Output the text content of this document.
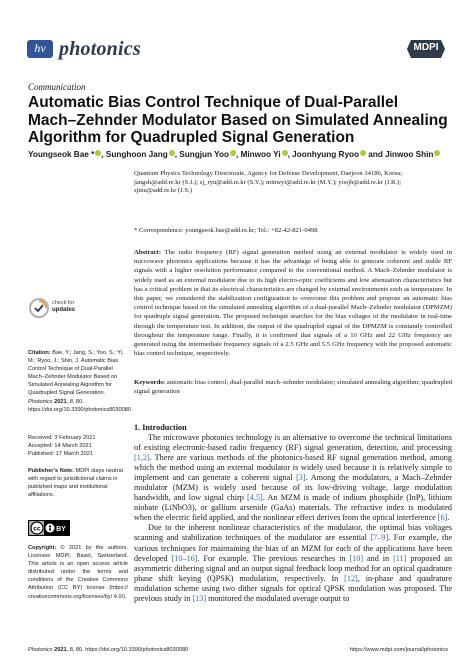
hv photonics	MDPI
Communication
Automatic Bias Control Technique of Dual-Parallel Mach–Zehnder Modulator Based on Simulated Annealing Algorithm for Quadrupled Signal Generation
Youngseok Bae * , Sunghoon Jang , Sungjun Yoo , Minwoo Yi , Joonhyung Ryoo and Jinwoo Shin
Quantum Physics Technology Directorate, Agency for Defense Development, Daejeon 34186, Korea;
jangsh@add.re.kr (S.J.); sj_ryu@add.re.kr (S.Y.); minwyi@add.re.kr (M.Y.); yoojh@add.re.kr (J.R.);
sjinu@add.re.kr (J.S.)
* Correspondence: youngseok.bae@add.re.kr; Tel.: +82-42-821-0498
Abstract: The radio frequency (RF) signal generation method using an external modulator is widely used in microwave photonics applications because it has the advantage of being able to generate coherent and stable RF signals with a higher resolution performance compared to the conventional method. A Mach–Zehnder modulator is widely used as an external modulator due to its high electro-optic coefficients and low attenuation characteristics but has a critical problem in that its electrical characteristics are changed by external environments such as temperature. In this paper, we considered the stabilization configuration to overcome this problem and propose an automatic bias control technique based on the simulated annealing algorithm of a dual-parallel Mach–Zehnder modulator (DPMZM) for quadruple signal generation. The proposed technique searches for the bias voltages of the modulator in real-time through the temperature test. In addition, the output of the quadrupled signal of the DPMZM is constantly controlled throughout the temperature range. Finally, it is confirmed that signals of a 10 GHz and 22 GHz frequency are generated using the intermediate frequency signals of a 2.5 GHz and 5.5 GHz frequency with the proposed automatic bias control technique, respectively.
Keywords: automatic bias control; dual-parallel mach–zehnder modulator; simulated annealing algorithm; quadrupled signal generation
check for
updates
Citation: Bae, Y.; Jang, S.; Yoo, S.; Yi, M.; Ryoo, J.; Shin, J. Automatic Bias Control Technique of Dual-Parallel Mach–Zehnder Modulator Based on Simulated Annealing Algorithm for Quadrupled Signal Generation. Photonics 2021, 8, 80. https://doi.org/10.3390/photonics8030080
Received: 3 February 2021
Accepted: 14 March 2021
Published: 17 March 2021
Publisher’s Note: MDPI stays neutral with regard to jurisdictional claims in published maps and institutional affiliations.
cc BY
Copyright: © 2021 by the authors. Licensee MDPI, Basel, Switzerland. This article is an open access article distributed under the terms and conditions of the Creative Commons Attribution (CC BY) license (https:// creativecommons.org/licenses/by/ 4.0/).
1. Introduction

The microwave photonics technology is an alternative to overcome the technical limitations of existing electronic-based radio frequency (RF) signal generation, detection, and processing [1,2]. There are various methods of the photonics-based RF signal generation method, among which the method using an external modulator is widely used because it is relatively simple to implement and can generate a coherent signal [3]. Among the modulators, a Mach–Zehnder modulator (MZM) is widely used because of its low-driving voltage, large modulation bandwidth, and low signal chirp [4,5]. An MZM is made of indium phosphide (InP), lithium niobate (LiNbO3), or gallium arsenide (GaAs) materials. The refractive index is modulated when the electric field applied, and the nonlinear effect derives from the optical interference [6].

Due to the inherent nonlinear characteristics of the modulator, the optimal bias voltages scanning and stabilization techniques of the modulator are essential [7–9]. For example, the various techniques for maintaining the bias of an MZM for each of the applications have been developed [10–16]. For example. The previous researches in [10] and in [11] proposed an asymmetric dithering signal and an output signal feedback loop method for an optical quadrature phase shift keying (QPSK) modulation, respectively. In [12], in-phase and quadrature modulation scheme using two dither signals for optical QPSK modulation was proposed. The previous study in [13] monitored the modulated average output to

Photonics 2021, 8, 80. https://doi.org/10.3390/photonics8030080	https://www.mdpi.com/journal/photonics
